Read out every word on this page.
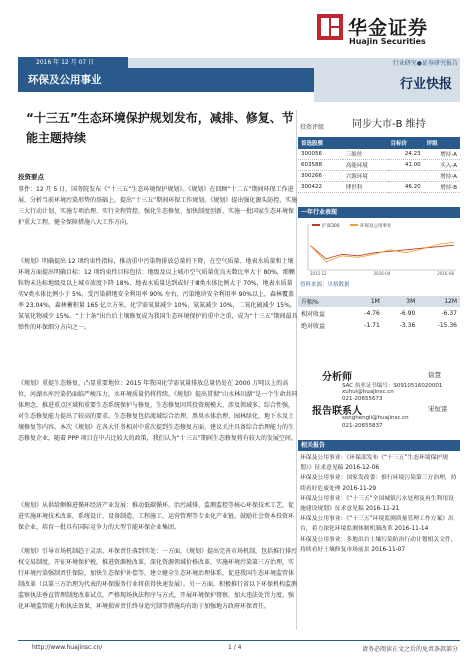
华金证券
Huajin Securities
2016 年 12 月 07 日	行业研究●证券研究报告
环保及公用事业	行业快报
“十三五”生态环境保护规划发布，减排、修复、节能主题持续
投资要点
事件：12 月 5 日，国务院发布《“十三五”生态环境保护规划》。《规划》在回顾“十二五”期间环保工作进展、分析当前环境污染形势的基础上，提出“十三五”期间环保工作规划。《规划》提出强化源头防控、实施三大行动计划、实施专项治理、实行全程管控、强化生态修复、加快制度创新、实施一批国家生态环境保护重大工程、健全保障措施八大工作方向。
《规划》明确提出 12 项约束性指标，推动重中污染物排放总量的下降，在空气质量、地表水质量和土壤环境方面提出明确目标：12 项约束性目标包括：地级及以上城市空气质量优良天数比率大于 80%，细颗粒物未达标地级及以上城市浓度下降 18%，地表水质量达到或好于Ⅲ类水体比例大于 70%，地表水质量劣Ⅴ类水体比例小于 5%，受污染耕地安全利用率 90% 左右，污染地块安全利用率 90%以上，森林覆盖率 23.04%，森林蓄积量 165 亿立方米，化学需氧量减少 10%，氨氮减少 10%，二氧化硫减少 15%，氮氧化物减少 15%。“土十条”出台后土壤修复成为我国生态环境保护的重中之重，成为“十三五”期间最具弹性的环保细分方向之一。
《规划》重提生态修复，凸显重要地位：2015 年我国化学需氧量排放总量仍处在 2000 万吨以上的高位，河湖水库污染仍面临严峻压力，水环境质量仍将持续。《规划》提出贯彻“山水林田湖”是一个生命共同体理念，推进重点区域和重要生态系统保护与修复，生态修复因其投资规模大、涉及领域多、综合性强，对生态修复能力提出了较高的要求。生态修复包括流域综合治理、黑臭水体治理、园林绿化、地下水及土壤修复等内容。本次《规划》在各大任务相对中重次提到生态修复方面，建议关注具备综合治理能力的生态修复企业，随着 PPP 项目在中占比较大的政策，我们认为“十三五”期间生态修复将有较大的发展空间。
《规划》从供给侧推进循环经济产业发展：推动低碳循环、治污减排、监测监控等核心环保技术工艺，促进实施环境技术改革，系统设计、设备制造、工程施工、运营管理等专业化产业链，鼓励社会资本投资环保企业，培育一批具有国际竞争力的大型节能环保企业集团。
《规划》引导市场机制趋于灵活、环保责任落到实处：一方面，《规划》提出完善市场机制，包括推行排污权交易制度，开征环境保护税，推进资源税改革，深化资源领域价格改革，实施环境污染第三方治理，实行环境污染强制责任保险，加快生态保护补偿等，建立健全生态环境治理体系，促进我国生态环境监管体制改革（以第三方治理为代表的环保服务行业将获得快速发展）。另一方面，积极推行省以下环保机构监测监察执法垂直管理制度改革试点，严格现场执法程序与方式，开展环境保护督察，加大违法处罚力度。强化环境监管能力和执法效果，环境损害责任终身追究制等措施均有助于加强地方政府环保责任。
投资评级	同步大市-B 维持
首选股票		目标价	评级
300056	三维丝	24.23	增持-A
603588	高能环境	41.00	买入-A
300266	兴源环境		增持-A
300422	博世科	46.20	增持-B
一年行业表现
2015-12	2016-04	2016-08
沪深300	环保及公用事业
资料来源：贝格数据
升幅%	1M	3M	12M
相对收益	-4.76	-6.90	-6.37
绝对收益	-1.71	-3.36	-15.36
分析师	徐慧
SAC 执业证书编号：S0910516020001
xuhui@huajinsc.cn
021-20655673
报告联系人	宋恒雷
songhengli@huajinsc.cn
021-20655837
相关报告
环保及公用事业：《环保部发布《“十三五”生态环境保护规划》》征求意见稿 2016-12-06
环保及公用事业：国家发改委：推行环境污染第三方治理，持续看好危废处理 2016-11-29
环保及公用事业：《“十三五”全国城镇污水处理及再生利用设施建设规划》征求意见稿 2016-11-21
环保及公用事业：《“十三五”环境监测质量管理工作方案》出台，着力深化环境监测体制机制改革 2016-11-14
环保及公用事业：多地出台土壤污染防治行动计划相关文件，持续看好土壤修复市场前景 2016-11-07
http://www.huajinsc.cn/	1 / 4	请务必阅读正文之后的免责条款部分
